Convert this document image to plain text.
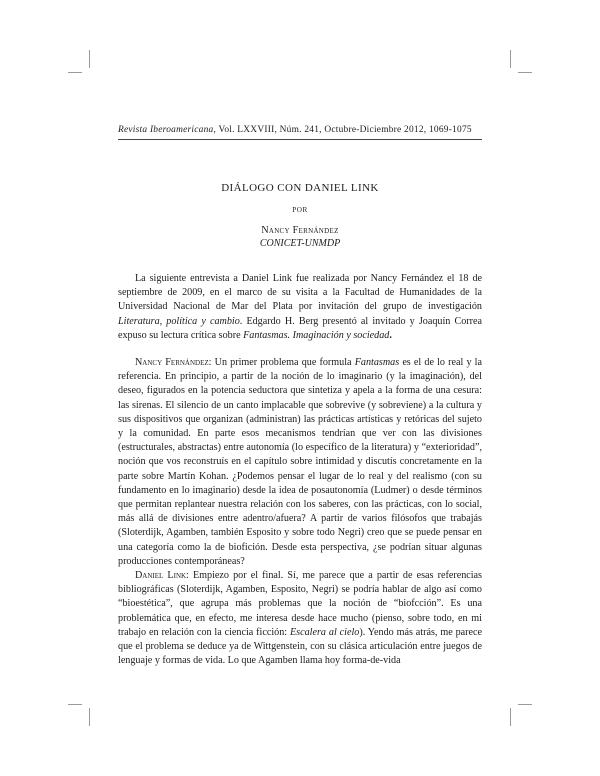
Revista Iberoamericana, Vol. LXXVIII, Núm. 241, Octubre-Diciembre 2012, 1069-1075
DIÁLOGO CON DANIEL LINK
POR
Nancy Fernández
CONICET-UNMDP

La siguiente entrevista a Daniel Link fue realizada por Nancy Fernández el 18 de septiembre de 2009, en el marco de su visita a la Facultad de Humanidades de la Universidad Nacional de Mar del Plata por invitación del grupo de investigación Literatura, política y cambio. Edgardo H. Berg presentó al invitado y Joaquín Correa expuso su lectura crítica sobre Fantasmas. Imaginación y sociedad.

Nancy Fernández: Un primer problema que formula Fantasmas es el de lo real y la referencia. En principio, a partir de la noción de lo imaginario (y la imaginación), del deseo, figurados en la potencia seductora que sintetiza y apela a la forma de una cesura: las sirenas. El silencio de un canto implacable que sobrevive (y sobreviene) a la cultura y sus dispositivos que organizan (administran) las prácticas artísticas y retóricas del sujeto y la comunidad. En parte esos mecanismos tendrían que ver con las divisiones (estructurales, abstractas) entre autonomía (lo específico de la literatura) y “exterioridad”, noción que vos reconstruís en el capítulo sobre intimidad y discutís concretamente en la parte sobre Martín Kohan. ¿Podemos pensar el lugar de lo real y del realismo (con su fundamento en lo imaginario) desde la idea de posautonomía (Ludmer) o desde términos que permitan replantear nuestra relación con los saberes, con las prácticas, con lo social, más allá de divisiones entre adentro/afuera? A partir de varios filósofos que trabajás (Sloterdijk, Agamben, también Esposito y sobre todo Negri) creo que se puede pensar en una categoría como la de biofición. Desde esta perspectiva, ¿se podrían situar algunas producciones contemporáneas?

Daniel Link: Empiezo por el final. Sí, me parece que a partir de esas referencias bibliográficas (Sloterdijk, Agamben, Esposito, Negri) se podría hablar de algo así como “bioestética”, que agrupa más problemas que la noción de “biofcción”. Es una problemática que, en efecto, me interesa desde hace mucho (pienso, sobre todo, en mi trabajo en relación con la ciencia ficción: Escalera al cielo). Yendo más atrás, me parece que el problema se deduce ya de Wittgenstein, con su clásica articulación entre juegos de lenguaje y formas de vida. Lo que Agamben llama hoy forma-de-vida
